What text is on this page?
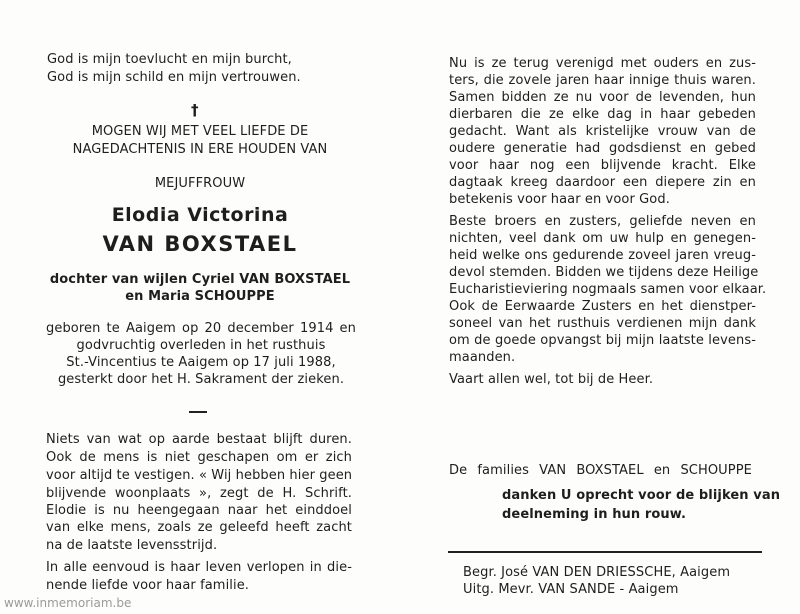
God is mijn toevlucht en mijn burcht,
God is mijn schild en mijn vertrouwen.
†
MOGEN WIJ MET VEEL LIEFDE DE
NAGEDACHTENIS IN ERE HOUDEN VAN
MEJUFFROUW
Elodia Victorina
VAN BOXSTAEL
dochter van wijlen Cyriel VAN BOXSTAEL
en Maria SCHOUPPE
geboren te Aaigem op 20 december 1914 en
godvruchtig overleden in het rusthuis
St.-Vincentius te Aaigem op 17 juli 1988,
gesterkt door het H. Sakrament der zieken.
Niets van wat op aarde bestaat blijft duren.
Ook de mens is niet geschapen om er zich
voor altijd te vestigen. « Wij hebben hier geen
blijvende woonplaats », zegt de H. Schrift.
Elodie is nu heengegaan naar het einddoel
van elke mens, zoals ze geleefd heeft zacht
na de laatste levensstrijd.
In alle eenvoud is haar leven verlopen in die-
nende liefde voor haar familie.
Nu is ze terug verenigd met ouders en zus-
ters, die zovele jaren haar innige thuis waren.
Samen bidden ze nu voor de levenden, hun
dierbaren die ze elke dag in haar gebeden
gedacht. Want als kristelijke vrouw van de
oudere generatie had godsdienst en gebed
voor haar nog een blijvende kracht. Elke
dagtaak kreeg daardoor een diepere zin en
betekenis voor haar en voor God.
Beste broers en zusters, geliefde neven en
nichten, veel dank om uw hulp en genegen-
heid welke ons gedurende zoveel jaren vreug-
devol stemden. Bidden we tijdens deze Heilige
Eucharistieviering nogmaals samen voor elkaar.
Ook de Eerwaarde Zusters en het dienstper-
soneel van het rusthuis verdienen mijn dank
om de goede opvangst bij mijn laatste levens-
maanden.
Vaart allen wel, tot bij de Heer.
De families VAN BOXSTAEL en SCHOUPPE
danken U oprecht voor de blijken van
deelneming in hun rouw.
Begr. José VAN DEN DRIESSCHE, Aaigem
Uitg. Mevr. VAN SANDE - Aaigem
www.inmemoriam.be
